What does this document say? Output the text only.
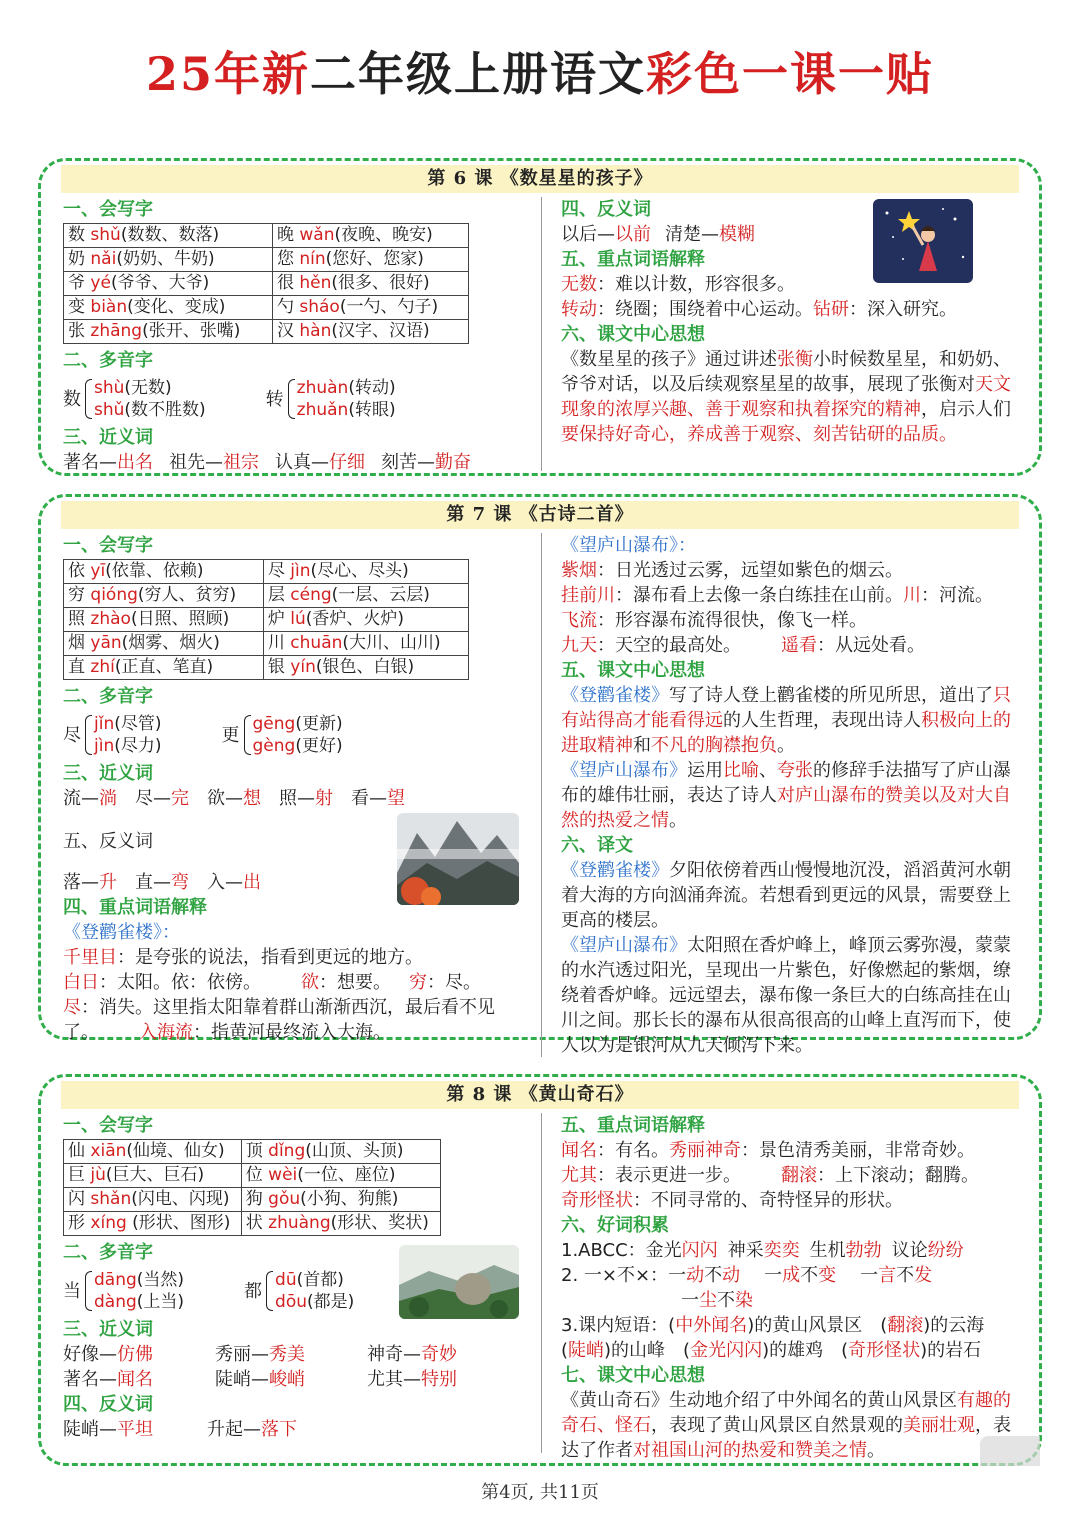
25年新二年级上册语文彩色一课一贴
第 6 课 《数星星的孩子》
一、会写字
数 shǔ(数数、数落)	晚 wǎn(夜晚、晚安)
奶 nǎi(奶奶、牛奶)	您 nín(您好、您家)
爷 yé(爷爷、大爷)	很 hěn(很多、很好)
变 biàn(变化、变成)	勺 sháo(一勺、勺子)
张 zhāng(张开、张嘴)	汉 hàn(汉字、汉语)
二、多音字
数
shù(无数)
shǔ(数不胜数)
转
zhuàn(转动)
zhuǎn(转眼)
三、近义词
著名—出名 祖先—祖宗 认真—仔细 刻苦—勤奋
四、反义词
以后—以前 清楚—模糊
五、重点词语解释
无数：难以计数，形容很多。
转动：绕圈；围绕着中心运动。钻研：深入研究。
六、课文中心思想
《数星星的孩子》通过讲述张衡小时候数星星，和奶奶、爷爷对话，以及后续观察星星的故事，展现了张衡对天文现象的浓厚兴趣、善于观察和执着探究的精神，启示人们要保持好奇心，养成善于观察、刻苦钻研的品质。
第 7 课 《古诗二首》
一、会写字
依 yī(依靠、依赖)	尽 jìn(尽心、尽头)
穷 qióng(穷人、贫穷)	层 céng(一层、云层)
照 zhào(日照、照顾)	炉 lú(香炉、火炉)
烟 yān(烟雾、烟火)	川 chuān(大川、山川)
直 zhí(正直、笔直)	银 yín(银色、白银)
二、多音字
尽
jǐn(尽管)
jìn(尽力)
更
gēng(更新)
gèng(更好)
三、近义词
流—淌 尽—完 欲—想 照—射 看—望
五、反义词
落—升 直—弯 入—出
四、重点词语解释
《登鹳雀楼》：
千里目：是夸张的说法，指看到更远的地方。
白日：太阳。依：依傍。 欲：想要。 穷：尽。
尽：消失。这里指太阳靠着群山渐渐西沉，最后看不见了。 入海流：指黄河最终流入大海。
《望庐山瀑布》：
紫烟：日光透过云雾，远望如紫色的烟云。
挂前川：瀑布看上去像一条白练挂在山前。川：河流。
飞流：形容瀑布流得很快，像飞一样。
九天：天空的最高处。 遥看：从远处看。
五、课文中心思想
《登鹳雀楼》写了诗人登上鹳雀楼的所见所思，道出了只有站得高才能看得远的人生哲理，表现出诗人积极向上的进取精神和不凡的胸襟抱负。
《望庐山瀑布》运用比喻、夸张的修辞手法描写了庐山瀑布的雄伟壮丽，表达了诗人对庐山瀑布的赞美以及对大自然的热爱之情。
六、译文
《登鹳雀楼》夕阳依傍着西山慢慢地沉没，滔滔黄河水朝着大海的方向汹涌奔流。若想看到更远的风景，需要登上更高的楼层。
《望庐山瀑布》太阳照在香炉峰上，峰顶云雾弥漫，蒙蒙的水汽透过阳光，呈现出一片紫色，好像燃起的紫烟，缭绕着香炉峰。远远望去，瀑布像一条巨大的白练高挂在山川之间。那长长的瀑布从很高很高的山峰上直泻而下，使人以为是银河从九天倾泻下来。
第 8 课 《黄山奇石》
一、会写字
仙 xiān(仙境、仙女)	顶 dǐng(山顶、头顶)
巨 jù(巨大、巨石)	位 wèi(一位、座位)
闪 shǎn(闪电、闪现)	狗 gǒu(小狗、狗熊)
形 xíng (形状、图形)	状 zhuàng(形状、奖状)
二、多音字
当
dāng(当然)
dàng(上当)
都
dū(首都)
dōu(都是)
三、近义词
好像—仿佛	秀丽—秀美	神奇—奇妙
著名—闻名	陡峭—峻峭	尤其—特别
四、反义词
陡峭—平坦	升起—落下
五、重点词语解释
闻名：有名。秀丽神奇：景色清秀美丽，非常奇妙。
尤其：表示更进一步。 翻滚：上下滚动；翻腾。
奇形怪状：不同寻常的、奇特怪异的形状。
六、好词积累
1.ABCC：金光闪闪 神采奕奕 生机勃勃 议论纷纷
2. 一×不×：一动不动 一成不变 一言不发
一尘不染
3.课内短语：(中外闻名)的黄山风景区　(翻滚)的云海
(陡峭)的山峰　(金光闪闪)的雄鸡　(奇形怪状)的岩石
七、课文中心思想
《黄山奇石》生动地介绍了中外闻名的黄山风景区有趣的奇石、怪石，表现了黄山风景区自然景观的美丽壮观，表达了作者对祖国山河的热爱和赞美之情。
第4页, 共11页
